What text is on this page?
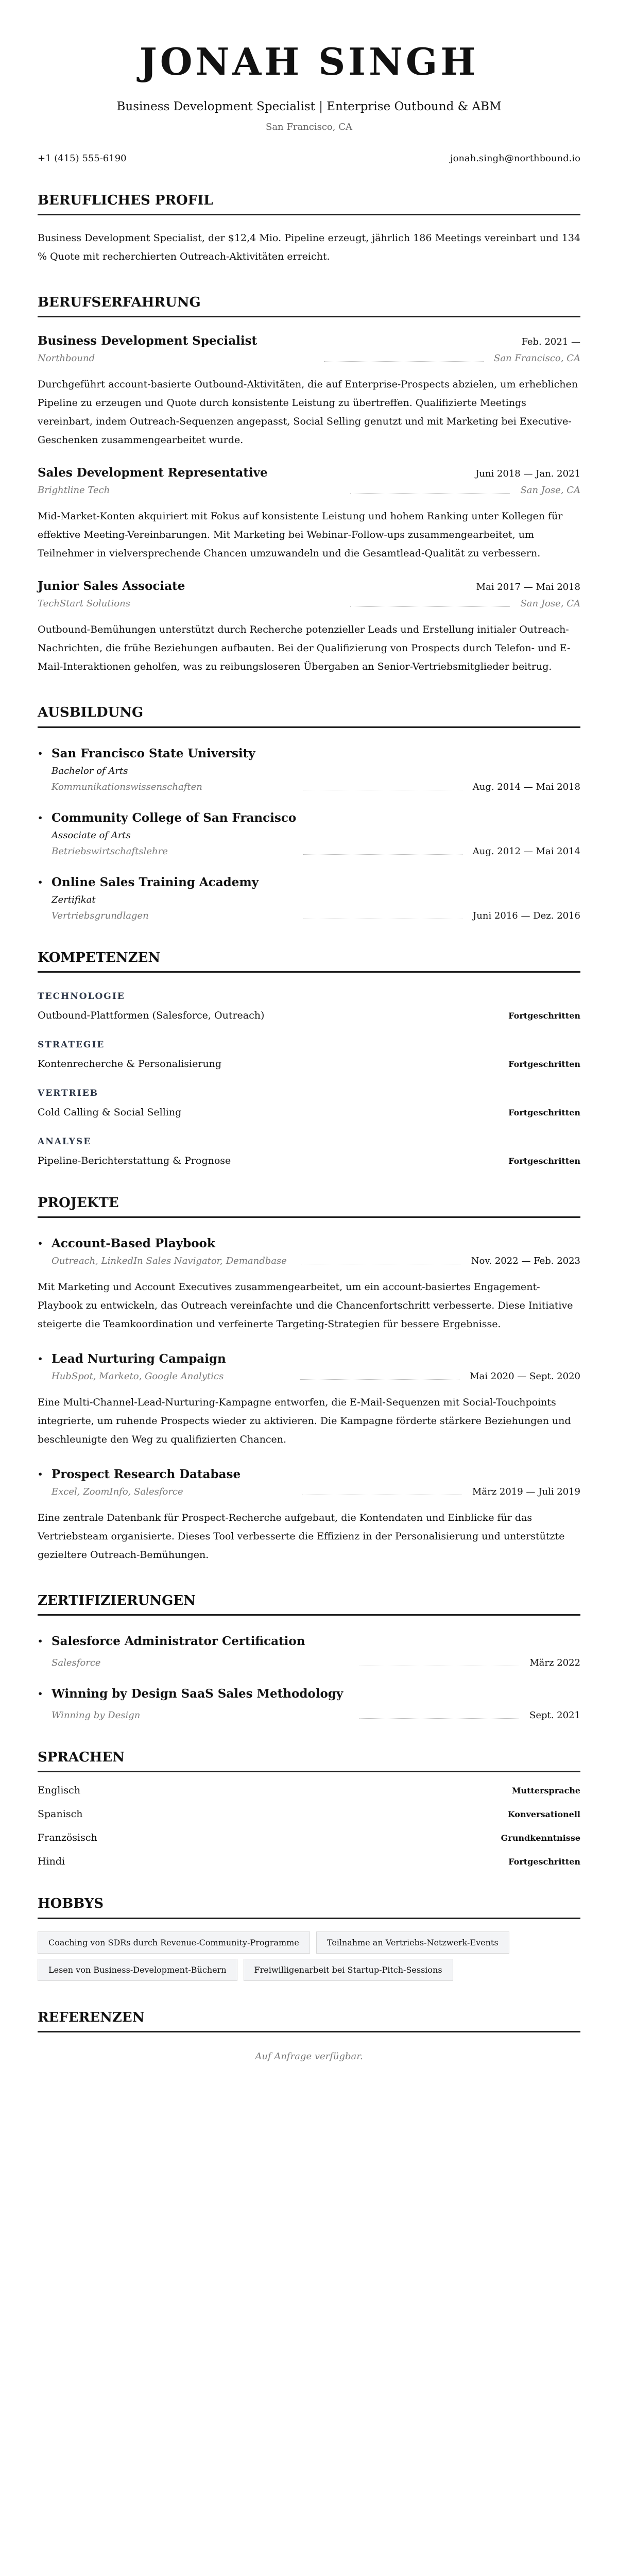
JONAH SINGH
Business Development Specialist | Enterprise Outbound & ABM
San Francisco, CA
+1 (415) 555-6190	jonah.singh@northbound.io
BERUFLICHES PROFIL

Business Development Specialist, der $12,4 Mio. Pipeline erzeugt, jährlich 186 Meetings vereinbart und 134 % Quote mit recherchierten Outreach-Aktivitäten erreicht.

BERUFSERFAHRUNG
Business Development Specialist	Feb. 2021 —
Northbound	San Francisco, CA

Durchgeführt account-basierte Outbound-Aktivitäten, die auf Enterprise-Prospects abzielen, um erheblichen Pipeline zu erzeugen und Quote durch konsistente Leistung zu übertreffen. Qualifizierte Meetings vereinbart, indem Outreach-Sequenzen angepasst, Social Selling genutzt und mit Marketing bei Executive-Geschenken zusammengearbeitet wurde.

Sales Development Representative	Juni 2018 — Jan. 2021
Brightline Tech	San Jose, CA

Mid-Market-Konten akquiriert mit Fokus auf konsistente Leistung und hohem Ranking unter Kollegen für effektive Meeting-Vereinbarungen. Mit Marketing bei Webinar-Follow-ups zusammengearbeitet, um Teilnehmer in vielversprechende Chancen umzuwandeln und die Gesamtlead-Qualität zu verbessern.

Junior Sales Associate	Mai 2017 — Mai 2018
TechStart Solutions	San Jose, CA

Outbound-Bemühungen unterstützt durch Recherche potenzieller Leads und Erstellung initialer Outreach-Nachrichten, die frühe Beziehungen aufbauten. Bei der Qualifizierung von Prospects durch Telefon- und E-Mail-Interaktionen geholfen, was zu reibungsloseren Übergaben an Senior-Vertriebsmitglieder beitrug.

AUSBILDUNG
• San Francisco State University
Bachelor of Arts
Kommunikationswissenschaften	Aug. 2014 — Mai 2018
• Community College of San Francisco
Associate of Arts
Betriebswirtschaftslehre	Aug. 2012 — Mai 2014
• Online Sales Training Academy
Zertifikat
Vertriebsgrundlagen	Juni 2016 — Dez. 2016
KOMPETENZEN
TECHNOLOGIE
Outbound-Plattformen (Salesforce, Outreach)	Fortgeschritten
STRATEGIE
Kontenrecherche & Personalisierung	Fortgeschritten
VERTRIEB
Cold Calling & Social Selling	Fortgeschritten
ANALYSE
Pipeline-Berichterstattung & Prognose	Fortgeschritten
PROJEKTE
• Account-Based Playbook
Outreach, LinkedIn Sales Navigator, Demandbase	Nov. 2022 — Feb. 2023

Mit Marketing und Account Executives zusammengearbeitet, um ein account-basiertes Engagement-Playbook zu entwickeln, das Outreach vereinfachte und die Chancenfortschritt verbesserte. Diese Initiative steigerte die Teamkoordination und verfeinerte Targeting-Strategien für bessere Ergebnisse.

• Lead Nurturing Campaign
HubSpot, Marketo, Google Analytics	Mai 2020 — Sept. 2020

Eine Multi-Channel-Lead-Nurturing-Kampagne entworfen, die E-Mail-Sequenzen mit Social-Touchpoints integrierte, um ruhende Prospects wieder zu aktivieren. Die Kampagne förderte stärkere Beziehungen und beschleunigte den Weg zu qualifizierten Chancen.

• Prospect Research Database
Excel, ZoomInfo, Salesforce	März 2019 — Juli 2019

Eine zentrale Datenbank für Prospect-Recherche aufgebaut, die Kontendaten und Einblicke für das Vertriebsteam organisierte. Dieses Tool verbesserte die Effizienz in der Personalisierung und unterstützte gezieltere Outreach-Bemühungen.

ZERTIFIZIERUNGEN
• Salesforce Administrator Certification
Salesforce	März 2022
• Winning by Design SaaS Sales Methodology
Winning by Design	Sept. 2021
SPRACHEN
Englisch	Muttersprache
Spanisch	Konversationell
Französisch	Grundkenntnisse
Hindi	Fortgeschritten
HOBBYS
Coaching von SDRs durch Revenue-Community-Programme	Teilnahme an Vertriebs-Netzwerk-Events
Lesen von Business-Development-Büchern	Freiwilligenarbeit bei Startup-Pitch-Sessions
REFERENZEN

Auf Anfrage verfügbar.
